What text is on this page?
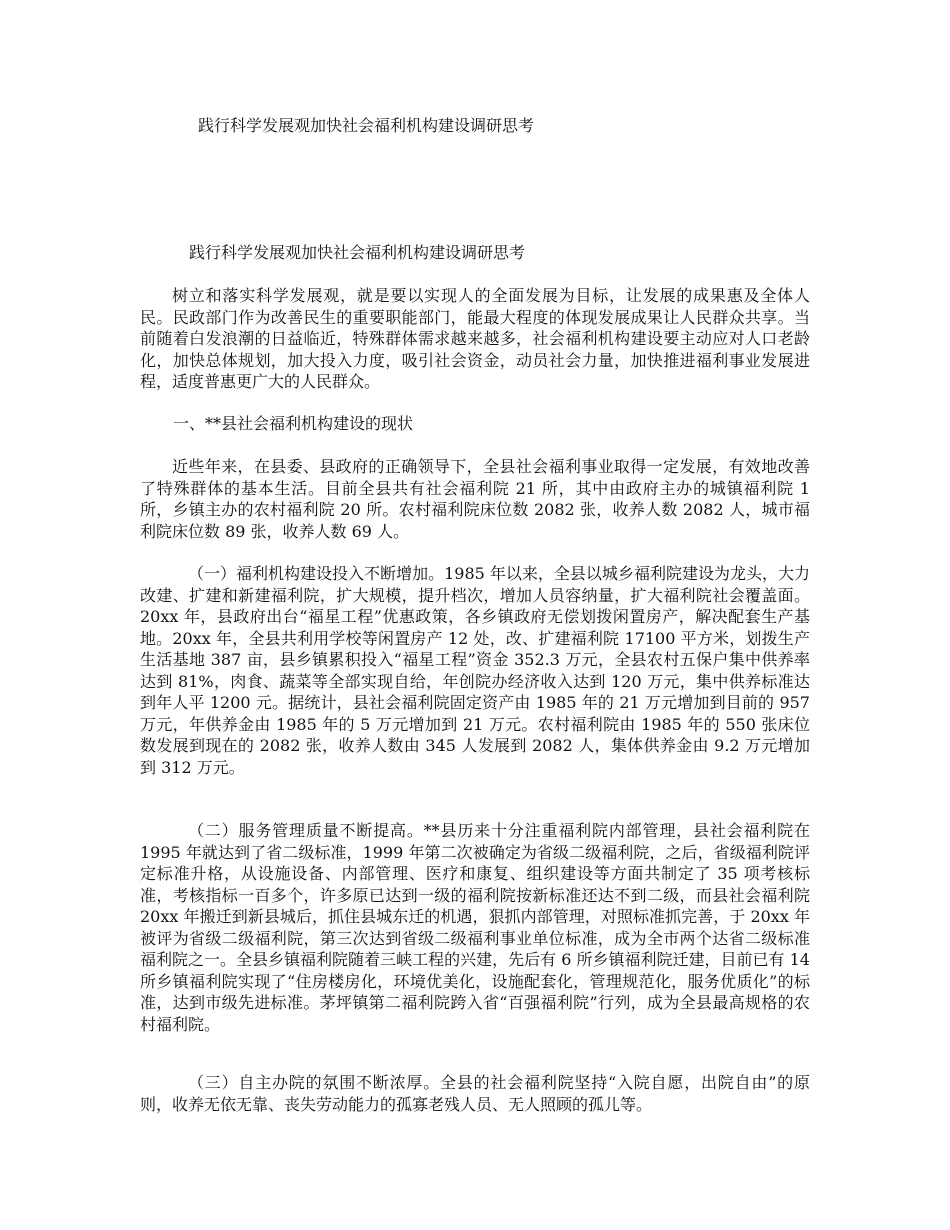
践行科学发展观加快社会福利机构建设调研思考
践行科学发展观加快社会福利机构建设调研思考

树立和落实科学发展观，就是要以实现人的全面发展为目标，让发展的成果惠及全体人民。民政部门作为改善民生的重要职能部门，能最大程度的体现发展成果让人民群众共享。当前随着白发浪潮的日益临近，特殊群体需求越来越多，社会福利机构建设要主动应对人口老龄化，加快总体规划，加大投入力度，吸引社会资金，动员社会力量，加快推进福利事业发展进程，适度普惠更广大的人民群众。

一、**县社会福利机构建设的现状

近些年来，在县委、县政府的正确领导下，全县社会福利事业取得一定发展，有效地改善了特殊群体的基本生活。目前全县共有社会福利院 21 所，其中由政府主办的城镇福利院 1 所，乡镇主办的农村福利院 20 所。农村福利院床位数 2082 张，收养人数 2082 人，城市福利院床位数 89 张，收养人数 69 人。

（一）福利机构建设投入不断增加。1985 年以来，全县以城乡福利院建设为龙头，大力改建、扩建和新建福利院，扩大规模，提升档次，增加人员容纳量，扩大福利院社会覆盖面。20xx 年，县政府出台“福星工程”优惠政策，各乡镇政府无偿划拨闲置房产，解决配套生产基地。20xx 年，全县共利用学校等闲置房产 12 处，改、扩建福利院 17100 平方米，划拨生产生活基地 387 亩，县乡镇累积投入“福星工程”资金 352.3 万元，全县农村五保户集中供养率达到 81%，肉食、蔬菜等全部实现自给，年创院办经济收入达到 120 万元，集中供养标准达到年人平 1200 元。据统计，县社会福利院固定资产由 1985 年的 21 万元增加到目前的 957 万元，年供养金由 1985 年的 5 万元增加到 21 万元。农村福利院由 1985 年的 550 张床位数发展到现在的 2082 张，收养人数由 345 人发展到 2082 人，集体供养金由 9.2 万元增加到 312 万元。

（二）服务管理质量不断提高。**县历来十分注重福利院内部管理，县社会福利院在 1995 年就达到了省二级标准，1999 年第二次被确定为省级二级福利院，之后，省级福利院评定标准升格，从设施设备、内部管理、医疗和康复、组织建设等方面共制定了 35 项考核标准，考核指标一百多个，许多原已达到一级的福利院按新标准还达不到二级，而县社会福利院 20xx 年搬迁到新县城后，抓住县城东迁的机遇，狠抓内部管理，对照标准抓完善，于 20xx 年被评为省级二级福利院，第三次达到省级二级福利事业单位标准，成为全市两个达省二级标准福利院之一。全县乡镇福利院随着三峡工程的兴建，先后有 6 所乡镇福利院迁建，目前已有 14 所乡镇福利院实现了“住房楼房化，环境优美化，设施配套化，管理规范化，服务优质化”的标准，达到市级先进标准。茅坪镇第二福利院跨入省“百强福利院”行列，成为全县最高规格的农村福利院。

（三）自主办院的氛围不断浓厚。全县的社会福利院坚持“入院自愿，出院自由”的原则，收养无依无靠、丧失劳动能力的孤寡老残人员、无人照顾的孤儿等。
